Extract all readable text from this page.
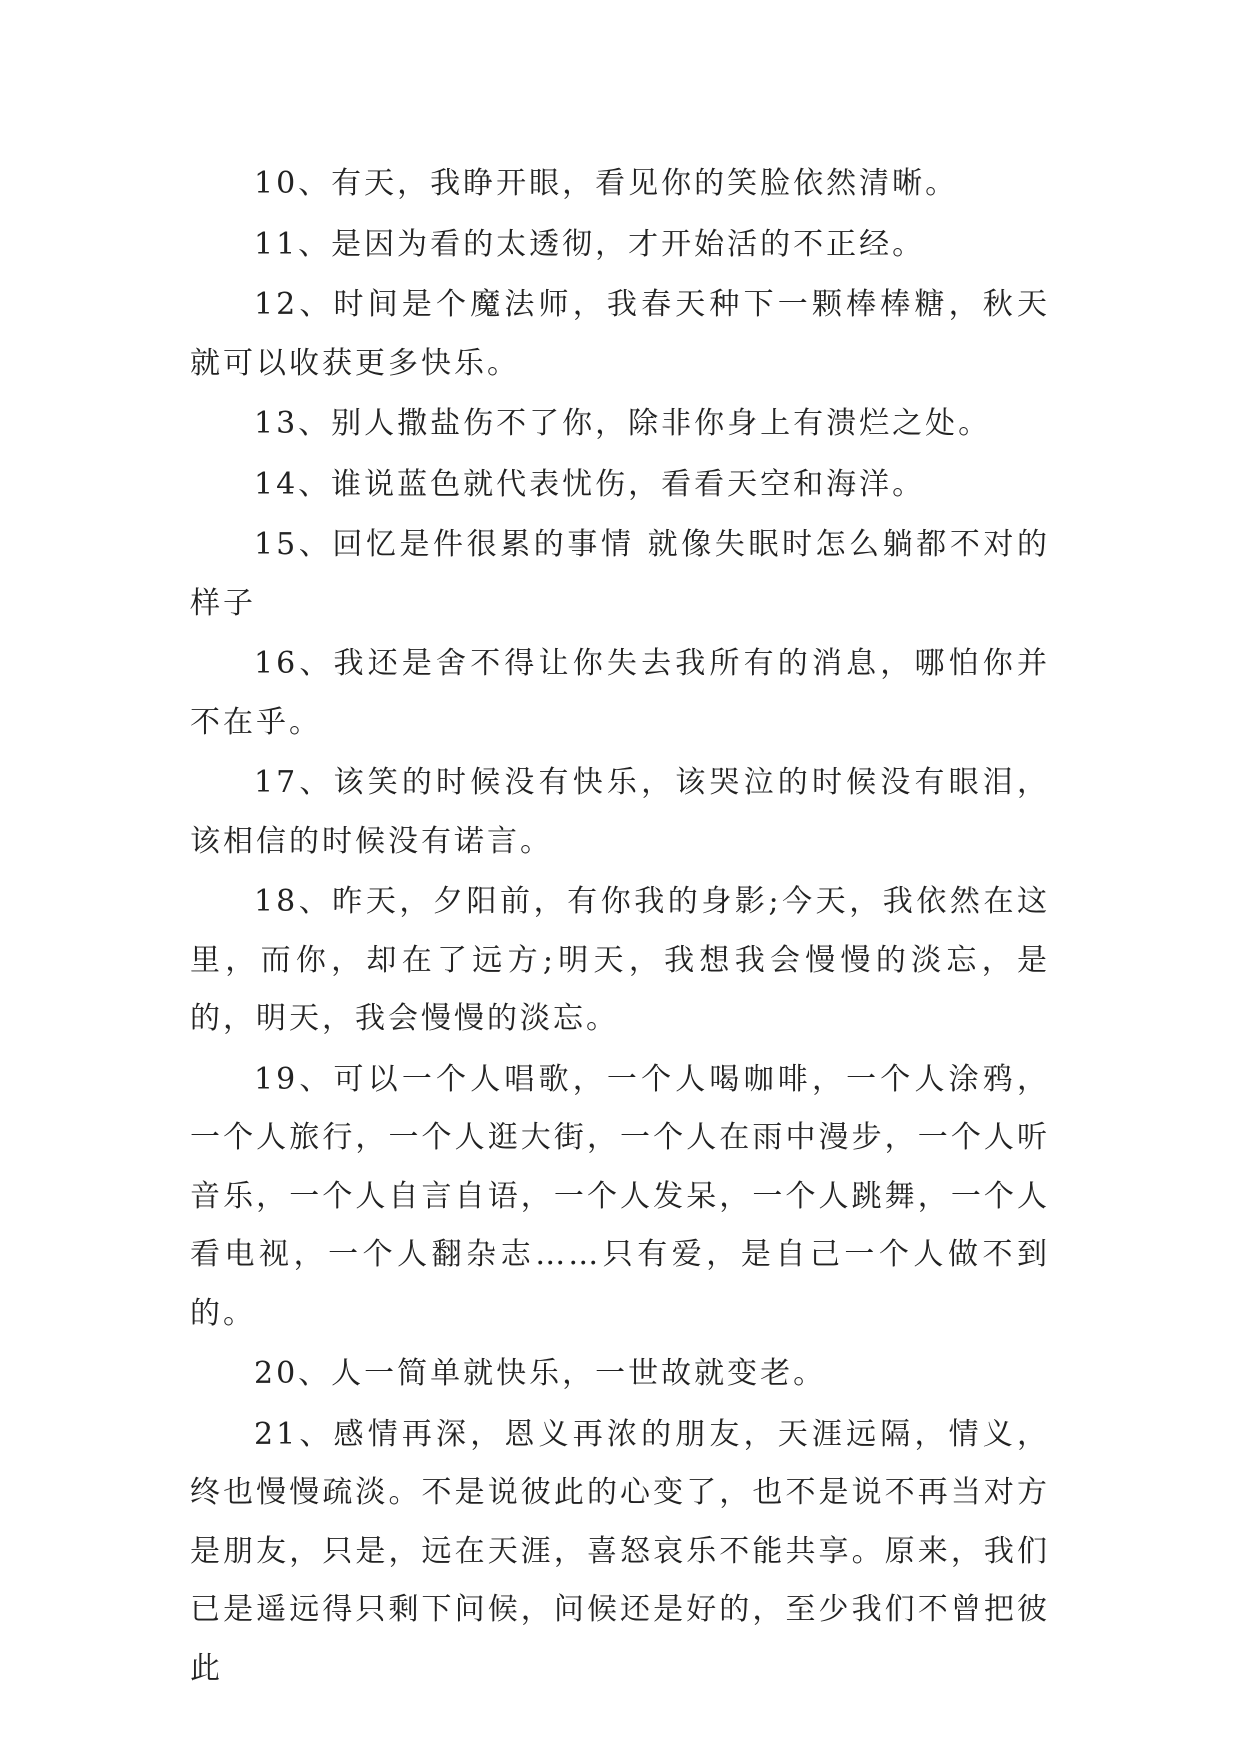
10、有天，我睁开眼，看见你的笑脸依然清晰。

11、是因为看的太透彻，才开始活的不正经。

12、时间是个魔法师，我春天种下一颗棒棒糖，秋天就可以收获更多快乐。

13、别人撒盐伤不了你，除非你身上有溃烂之处。

14、谁说蓝色就代表忧伤，看看天空和海洋。

15、回忆是件很累的事情 就像失眠时怎么躺都不对的样子

16、我还是舍不得让你失去我所有的消息，哪怕你并不在乎。

17、该笑的时候没有快乐，该哭泣的时候没有眼泪，该相信的时候没有诺言。

18、昨天，夕阳前，有你我的身影;今天，我依然在这里，而你，却在了远方;明天，我想我会慢慢的淡忘，是的，明天，我会慢慢的淡忘。

19、可以一个人唱歌，一个人喝咖啡，一个人涂鸦，一个人旅行，一个人逛大街，一个人在雨中漫步，一个人听音乐，一个人自言自语，一个人发呆，一个人跳舞，一个人看电视，一个人翻杂志……只有爱，是自己一个人做不到的。

20、人一简单就快乐，一世故就变老。

21、感情再深，恩义再浓的朋友，天涯远隔，情义，终也慢慢疏淡。不是说彼此的心变了，也不是说不再当对方是朋友，只是，远在天涯，喜怒哀乐不能共享。原来，我们已是遥远得只剩下问候，问候还是好的，至少我们不曾把彼此
